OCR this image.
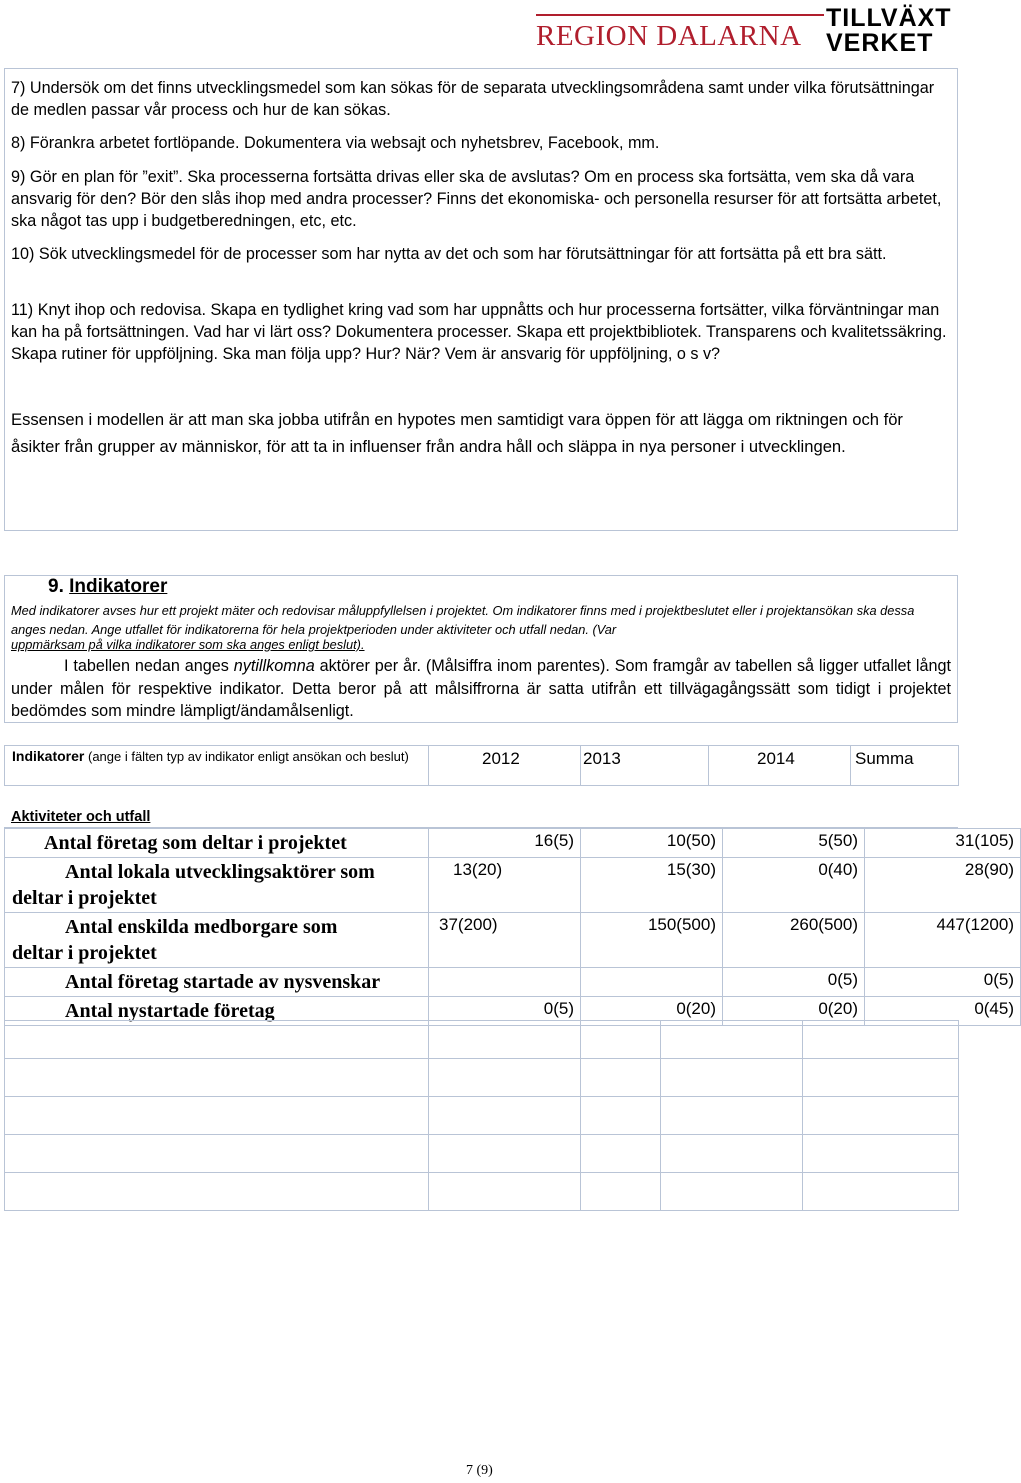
REGION DALARNA
TILLVÄXT
VERKET
7) Undersök om det finns utvecklingsmedel som kan sökas för de separata utvecklingsområdena samt under vilka förutsättningar de medlen passar vår process och hur de kan sökas.
8) Förankra arbetet fortlöpande. Dokumentera via websajt och nyhetsbrev, Facebook, mm.
9) Gör en plan för ”exit”. Ska processerna fortsätta drivas eller ska de avslutas? Om en process ska fortsätta, vem ska då vara ansvarig för den? Bör den slås ihop med andra processer? Finns det ekonomiska- och personella resurser för att fortsätta arbetet, ska något tas upp i budgetberedningen, etc, etc.
10) Sök utvecklingsmedel för de processer som har nytta av det och som har förutsättningar för att fortsätta på ett bra sätt.
11) Knyt ihop och redovisa. Skapa en tydlighet kring vad som har uppnåtts och hur processerna fortsätter, vilka förväntningar man kan ha på fortsättningen. Vad har vi lärt oss? Dokumentera processer. Skapa ett projektbibliotek. Transparens och kvalitetssäkring. Skapa rutiner för uppföljning. Ska man följa upp? Hur? När? Vem är ansvarig för uppföljning, o s v?
Essensen i modellen är att man ska jobba utifrån en hypotes men samtidigt vara öppen för att lägga om riktningen och för åsikter från grupper av människor, för att ta in influenser från andra håll och släppa in nya personer i utvecklingen.
9. Indikatorer
Med indikatorer avses hur ett projekt mäter och redovisar måluppfyllelsen i projektet. Om indikatorer finns med i projektbeslutet eller i projektansökan ska dessa anges nedan. Ange utfallet för indikatorerna för hela projektperioden under aktiviteter och utfall nedan. (Var
uppmärksam på vilka indikatorer som ska anges enligt beslut).
I tabellen nedan anges nytillkomna aktörer per år. (Målsiffra inom parentes). Som framgår av tabellen så ligger utfallet långt under målen för respektive indikator. Detta beror på att målsiffrorna är satta utifrån ett tillvägagångssätt som tidigt i projektet bedömdes som mindre lämpligt/ändamålsenligt.
Indikatorer (ange i fälten typ av indikator enligt ansökan och beslut)	2012	2013	2014	Summa
Aktiviteter och utfall
Antal företag som deltar i projektet	16(5)	10(50)	5(50)	31(105)

Antal lokala utvecklingsaktörer som
deltar i projektet	13(20)	15(30)	0(40)	28(90)

Antal enskilda medborgare som
deltar i projektet	37(200)	150(500)	260(500)	447(1200)

Antal företag startade av nysvenskar			0(5)	0(5)

Antal nystartade företag	0(5)	0(20)	0(20)	0(45)

7 (9)
